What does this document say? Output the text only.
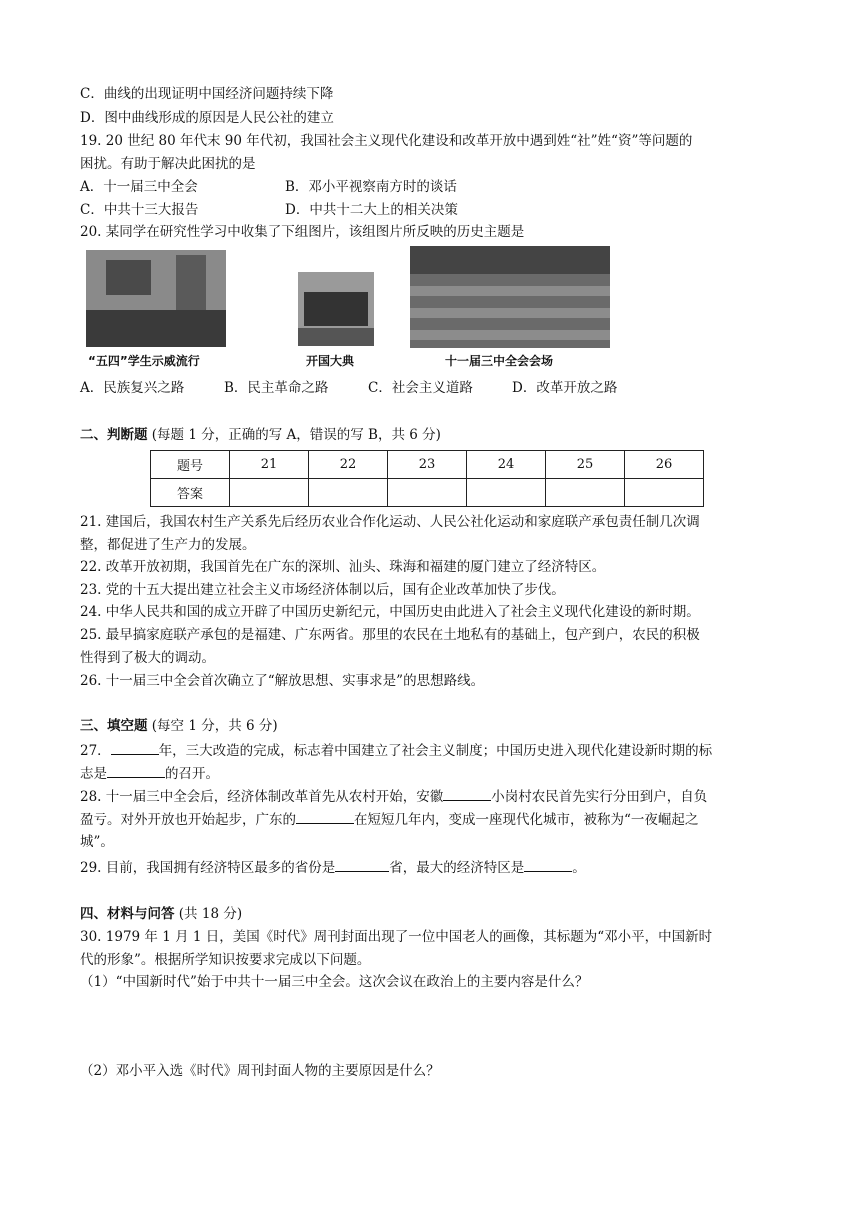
C．曲线的出现证明中国经济问题持续下降
D．图中曲线形成的原因是人民公社的建立
19. 20 世纪 80 年代末 90 年代初，我国社会主义现代化建设和改革开放中遇到姓“社”姓“资”等问题的
困扰。有助于解决此困扰的是
A．十一届三中全会	B．邓小平视察南方时的谈话
C．中共十三大报告	D．中共十二大上的相关决策
20. 某同学在研究性学习中收集了下组图片，该组图片所反映的历史主题是
“五四”学生示威流行	开国大典	十一届三中全会会场
A．民族复兴之路	B．民主革命之路	C．社会主义道路	D．改革开放之路
二、判断题 (每题 1 分，正确的写 A，错误的写 B，共 6 分)
题号	21	22	23	24	25	26
答案						
21. 建国后，我国农村生产关系先后经历农业合作化运动、人民公社化运动和家庭联产承包责任制几次调
整，都促进了生产力的发展。
22. 改革开放初期，我国首先在广东的深圳、汕头、珠海和福建的厦门建立了经济特区。
23. 党的十五大提出建立社会主义市场经济体制以后，国有企业改革加快了步伐。
24. 中华人民共和国的成立开辟了中国历史新纪元，中国历史由此进入了社会主义现代化建设的新时期。
25. 最早搞家庭联产承包的是福建、广东两省。那里的农民在土地私有的基础上，包产到户，农民的积极
性得到了极大的调动。
26. 十一届三中全会首次确立了“解放思想、实事求是”的思想路线。
三、填空题 (每空 1 分，共 6 分)
27．	年，三大改造的完成，标志着中国建立了社会主义制度；中国历史进入现代化建设新时期的标
志是	的召开。
28. 十一届三中全会后，经济体制改革首先从农村开始，安徽	小岗村农民首先实行分田到户，自负
盈亏。对外开放也开始起步，广东的	在短短几年内，变成一座现代化城市，被称为“一夜崛起之
城”。
29. 目前，我国拥有经济特区最多的省份是	省，最大的经济特区是	。
四、材料与问答 (共 18 分)
30. 1979 年 1 月 1 日，美国《时代》周刊封面出现了一位中国老人的画像，其标题为“邓小平，中国新时
代的形象”。根据所学知识按要求完成以下问题。
（1）“中国新时代”始于中共十一届三中全会。这次会议在政治上的主要内容是什么？
（2）邓小平入选《时代》周刊封面人物的主要原因是什么？
